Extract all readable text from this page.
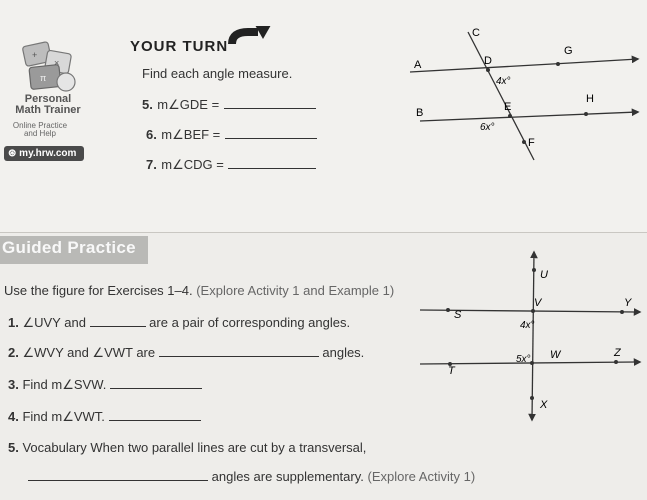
+
×
π
Personal
Math Trainer
Online Practice
and Help
⊛ my.hrw.com
YOUR TURN
Find each angle measure.
5. m∠GDE =
6. m∠BEF =
7. m∠CDG =
C
G
A	D
H
B	E
F
4x°
6x°
Guided Practice
Use the figure for Exercises 1–4. (Explore Activity 1 and Example 1)
1. ∠UVY and	are a pair of corresponding angles.
2. ∠WVY and ∠VWT are	angles.
3. Find m∠SVW.
4. Find m∠VWT.
5. Vocabulary When two parallel lines are cut by a transversal,
angles are supplementary. (Explore Activity 1)
U
S
V	Y
T
W	Z
X
4x°
5x°
